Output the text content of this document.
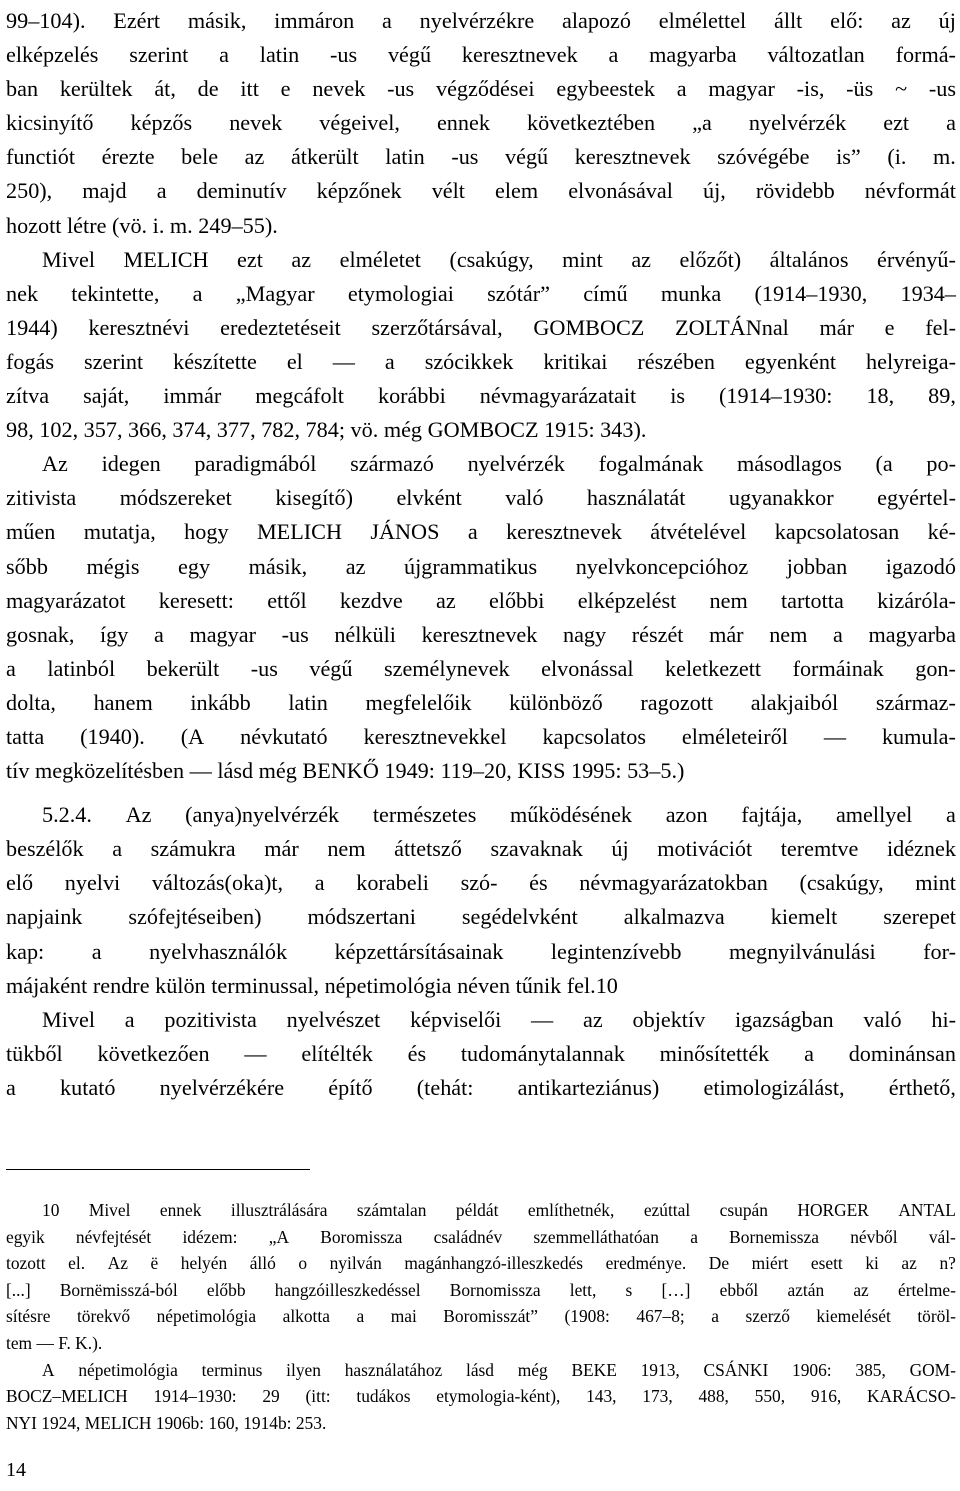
99–104). Ezért másik, immáron a nyelvérzékre alapozó elmélettel állt elő: az új
elképzelés szerint a latin -us végű keresztnevek a magyarba változatlan formá-
ban kerültek át, de itt e nevek -us végződései egybeestek a magyar -is, -üs ~ -us
kicsinyítő képzős nevek végeivel, ennek következtében „a nyelvérzék ezt a
functiót érezte bele az átkerült latin -us végű keresztnevek szóvégébe is” (i. m.
250), majd a deminutív képzőnek vélt elem elvonásával új, rövidebb névformát
hozott létre (vö. i. m. 249–55).
Mivel MELICH ezt az elméletet (csakúgy, mint az előzőt) általános érvényű-
nek tekintette, a „Magyar etymologiai szótár” című munka (1914–1930, 1934–
1944) keresztnévi eredeztetéseit szerzőtársával, GOMBOCZ ZOLTÁNnal már e fel-
fogás szerint készítette el — a szócikkek kritikai részében egyenként helyreiga-
zítva saját, immár megcáfolt korábbi névmagyarázatait is (1914–1930: 18, 89,
98, 102, 357, 366, 374, 377, 782, 784; vö. még GOMBOCZ 1915: 343).
Az idegen paradigmából származó nyelvérzék fogalmának másodlagos (a po-
zitivista módszereket kisegítő) elvként való használatát ugyanakkor egyértel-
műen mutatja, hogy MELICH JÁNOS a keresztnevek átvételével kapcsolatosan ké-
sőbb mégis egy másik, az újgrammatikus nyelvkoncepcióhoz jobban igazodó
magyarázatot keresett: ettől kezdve az előbbi elképzelést nem tartotta kizáróla-
gosnak, így a magyar -us nélküli keresztnevek nagy részét már nem a magyarba
a latinból bekerült -us végű személynevek elvonással keletkezett formáinak gon-
dolta, hanem inkább latin megfelelőik különböző ragozott alakjaiból származ-
tatta (1940). (A névkutató keresztnevekkel kapcsolatos elméleteiről — kumula-
tív megközelítésben — lásd még BENKŐ 1949: 119–20, KISS 1995: 53–5.)
5.2.4. Az (anya)nyelvérzék természetes működésének azon fajtája, amellyel a
beszélők a számukra már nem áttetsző szavaknak új motivációt teremtve idéznek
elő nyelvi változás(oka)t, a korabeli szó- és névmagyarázatokban (csakúgy, mint
napjaink szófejtéseiben) módszertani segédelvként alkalmazva kiemelt szerepet
kap: a nyelvhasználók képzettársításainak legintenzívebb megnyilvánulási for-
májaként rendre külön terminussal, népetimológia néven tűnik fel.10
Mivel a pozitivista nyelvészet képviselői — az objektív igazságban való hi-
tükből következően — elítélték és tudománytalannak minősítették a dominánsan
a kutató nyelvérzékére építő (tehát: antikarteziánus) etimologizálást, érthető,
10 Mivel ennek illusztrálására számtalan példát említhetnék, ezúttal csupán HORGER ANTAL
egyik névfejtését idézem: „A Boromissza családnév szemmelláthatóan a Bornemissza névből vál-
tozott el. Az ë helyén álló o nyilván magánhangzó-illeszkedés eredménye. De miért esett ki az n?
[...] Bornëmisszá-ból előbb hangzóilleszkedéssel Bornomissza lett, s […] ebből aztán az értelme-
sítésre törekvő népetimológia alkotta a mai Boromisszát” (1908: 467–8; a szerző kiemelését töröl-
tem — F. K.).
A népetimológia terminus ilyen használatához lásd még BEKE 1913, CSÁNKI 1906: 385, GOM-
BOCZ–MELICH 1914–1930: 29 (itt: tudákos etymologia-ként), 143, 173, 488, 550, 916, KARÁCSO-
NYI 1924, MELICH 1906b: 160, 1914b: 253.
14
